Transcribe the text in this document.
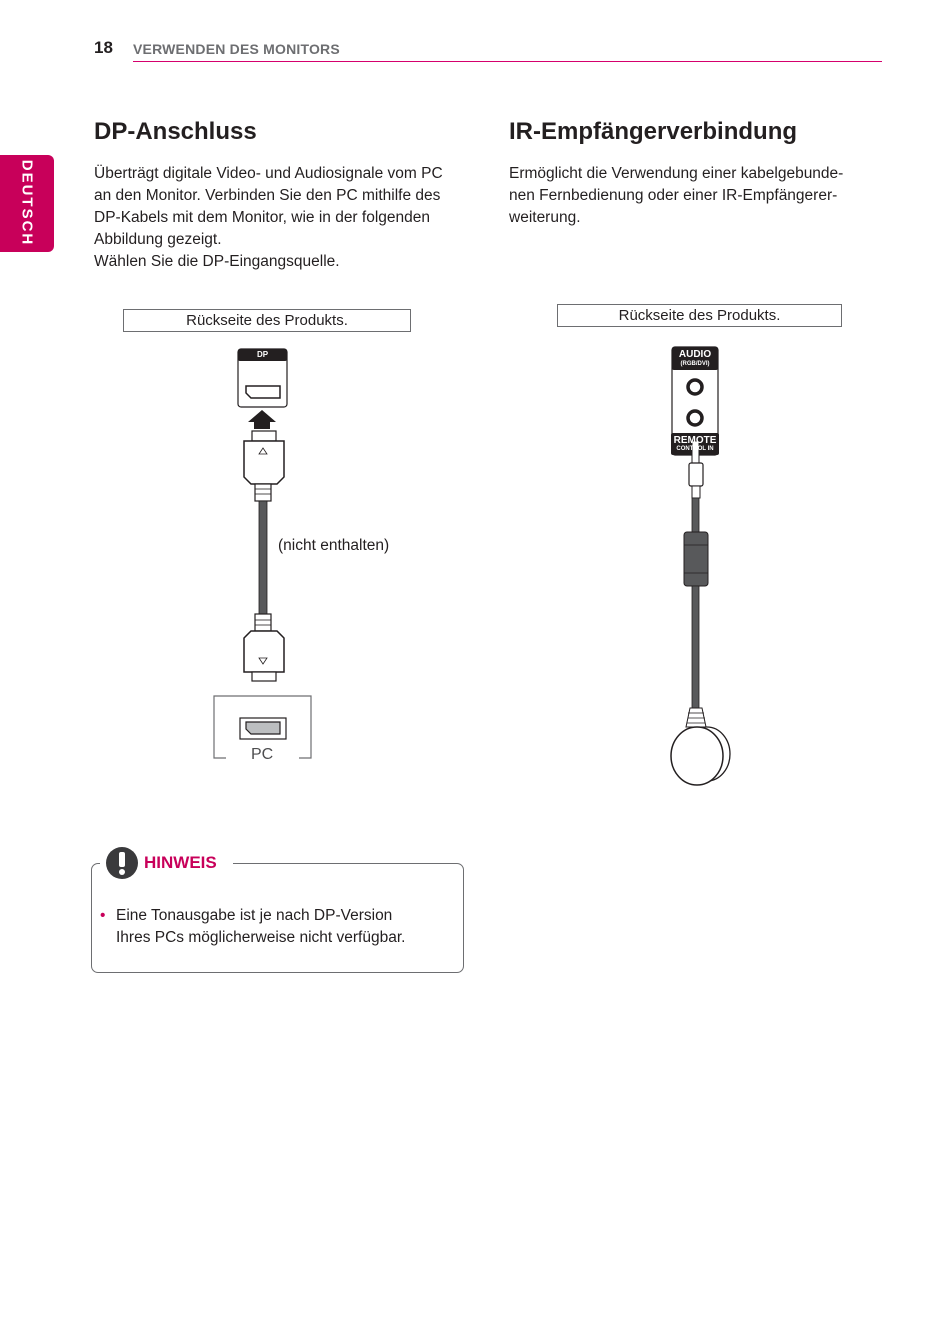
18 VERWENDEN DES MONITORS
DEUTSCH
DP-Anschluss	IR-Empfängerverbindung
Überträgt digitale Video- und Audiosignale vom PC
an den Monitor. Verbinden Sie den PC mithilfe des
DP-Kabels mit dem Monitor, wie in der folgenden
Abbildung gezeigt.
Wählen Sie die DP-Eingangsquelle.
Ermöglicht die Verwendung einer kabelgebunde-
nen Fernbedienung oder einer IR-Empfängerer-
weiterung.
Rückseite des Produkts.	Rückseite des Produkts.
DP
(nicht enthalten)
PC
AUDIO
(RGB/DVI)
REMOTE
CONTROL IN
HINWEIS
• Eine Tonausgabe ist je nach DP-Version
Ihres PCs möglicherweise nicht verfügbar.
